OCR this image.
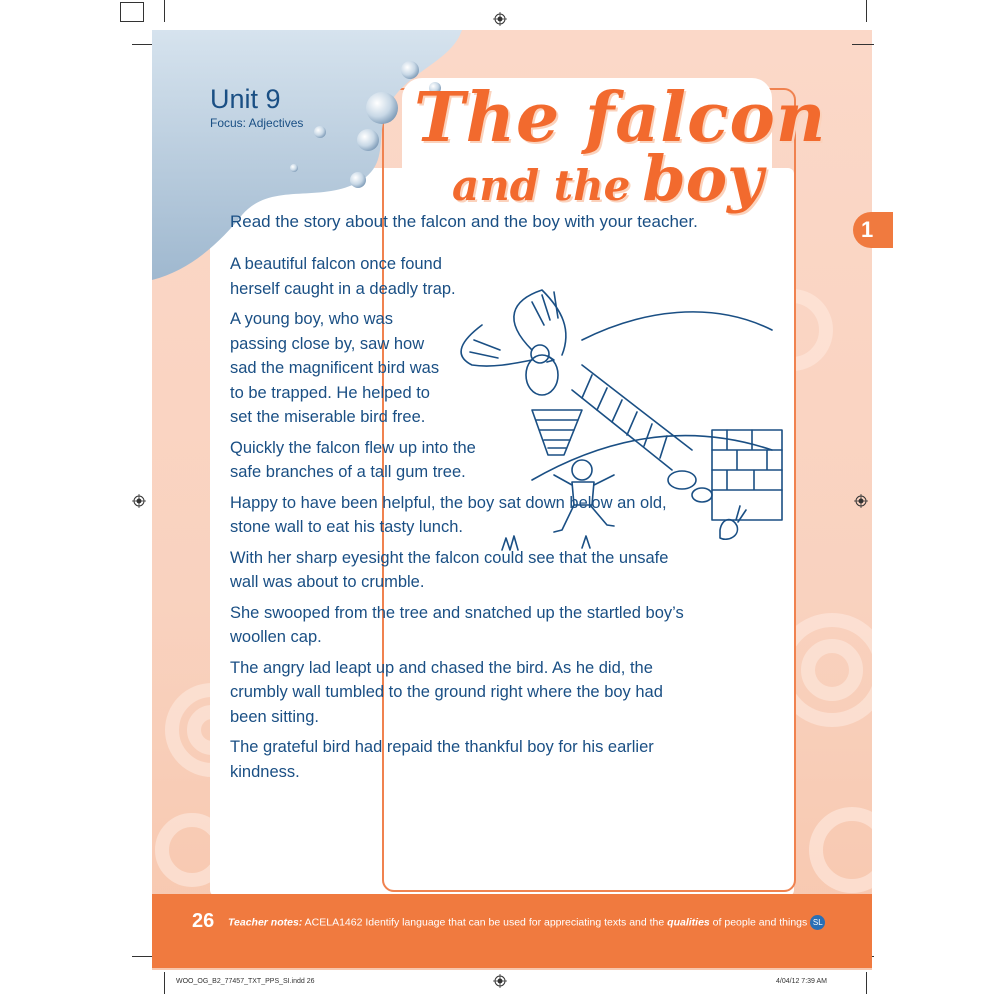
Unit 9
Focus: Adjectives The falcon
and the boy
Read the story about the falcon and the boy with your teacher.

A beautiful falcon once found herself caught in a deadly trap.

A young boy, who was passing close by, saw how sad the magnificent bird was to be trapped. He helped to set the miserable bird free.

Quickly the falcon flew up into the safe branches of a tall gum tree.

Happy to have been helpful, the boy sat down below an old, stone wall to eat his tasty lunch.

With her sharp eyesight the falcon could see that the unsafe wall was about to crumble.

She swooped from the tree and snatched up the startled boy’s woollen cap.

The angry lad leapt up and chased the bird. As he did, the crumbly wall tumbled to the ground right where the boy had been sitting.

The grateful bird had repaid the thankful boy for his earlier kindness.

1
26 Teacher notes: ACELA1462 Identify language that can be used for appreciating texts and the qualities of people and things SL
WOO_OG_B2_77457_TXT_PPS_SI.indd 26	4/04/12 7:39 AM
